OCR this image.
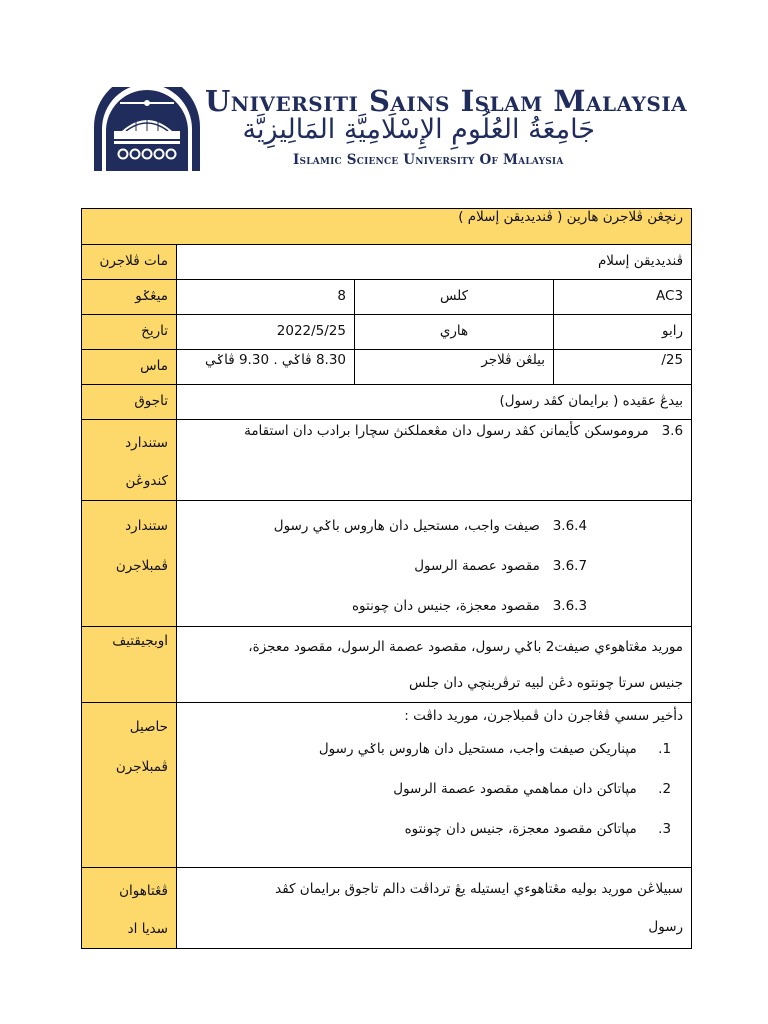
Universiti Sains Islam Malaysia
جَامِعَةُ العُلُومِ الإِسْلَامِيَّةِ المَالِيزِيَّة
Islamic Science University Of Malaysia
رنچڠن ڤلاجرن هارين ( ڤنديديقن إسلام )			
مات ڤلاجرن	ڤنديديقن إسلام		
ميڠݢو	8	كلس	AC3
تاريخ	2022/5/25	هاري	رابو
ماس	8.30 ڤاݢي . 9.30 ڤاݢي	بيلڠن ڤلاجر	/25
تاجوق	بيدڠ عقيده ( برايمان كڤد رسول)		

ستندارد
كندوڠن	3.6   مروموسكن كأيمانن كڤد رسول دان مڠعملكنڽ سچارا برادب دان استقامة		

ستندارد
ڤمبلاجرن	3.6.4   صيفت واجب، مستحيل دان هاروس باݢي رسول
3.6.7   مقصود عصمة الرسول
3.6.3   مقصود معجزة، جنيس دان چونتوه		

اوبجيقتيف	موريد مڠتاهوءي صيفت2 باݢي رسول، مقصود عصمة الرسول، مقصود معجزة،
جنيس سرتا چونتوه دڠن لبيه ترڤرينچي دان جلس		

حاصيل
ڤمبلاجرن	دأخير سسي ڤڠاجرن دان ڤمبلاجرن، موريد داڤت :
1.     مڽناريكن صيفت واجب، مستحيل دان هاروس باݢي رسول
2.     مڽاتاكن دان مماهمي مقصود عصمة الرسول
3.     مڽاتاكن مقصود معجزة، جنيس دان چونتوه		

ڤڠتاهوان
سديا اد	سبيلاڠن موريد بوليه مڠتاهوءي ايستيله يڠ ترداڤت دالم تاجوق برايمان كڤد
رسول		
